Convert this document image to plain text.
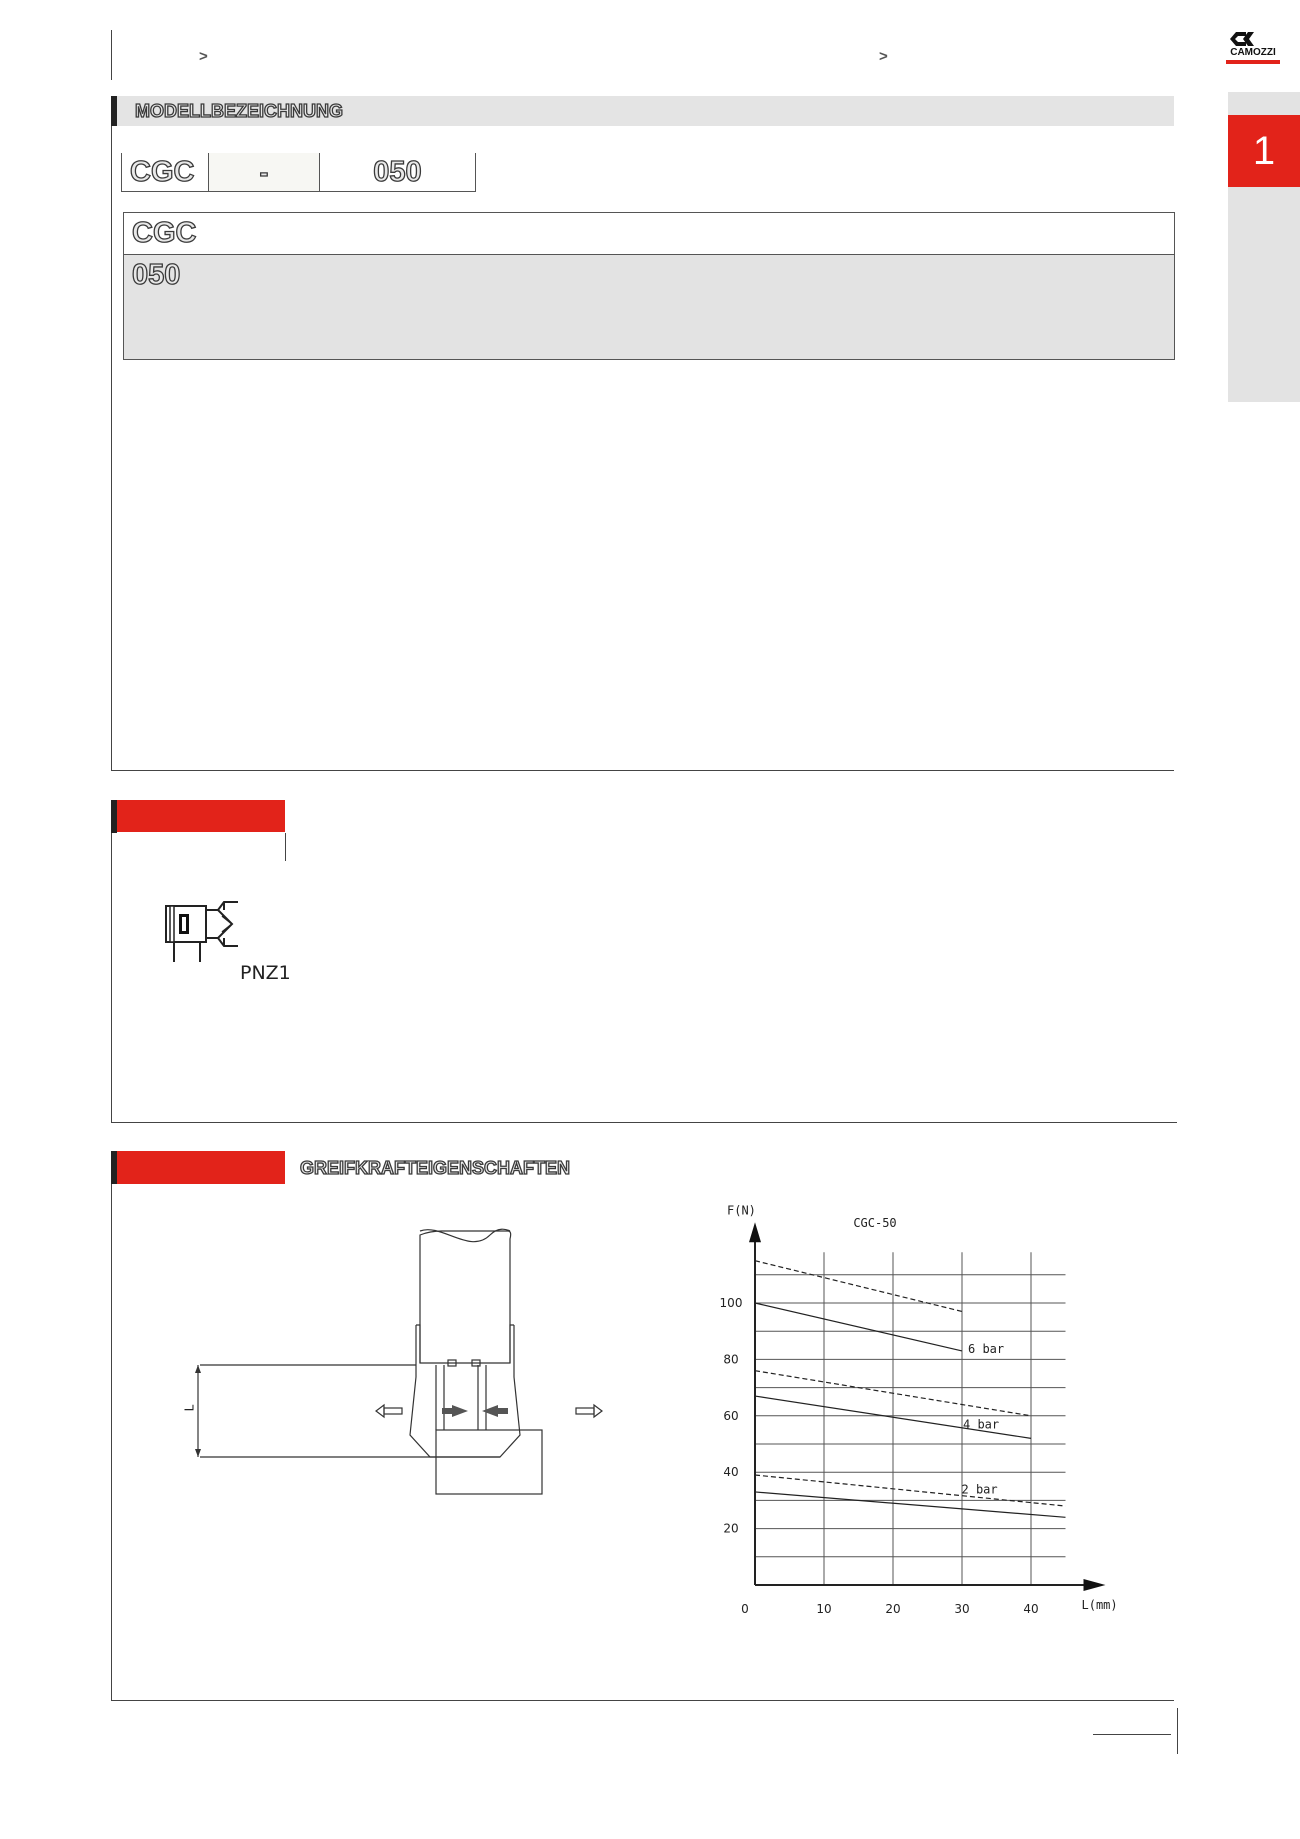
>	>	CAMOZZI
1
MODELLBEZEICHNUNG
CGC	-	050
CGC
050
PNZ1
GREIFKRAFTEIGENSCHAFTEN
L
0	10	20	30	40
20
40
60
80
100
CGC-50
F(N)
L(mm)
6 bar
4 bar
2 bar
